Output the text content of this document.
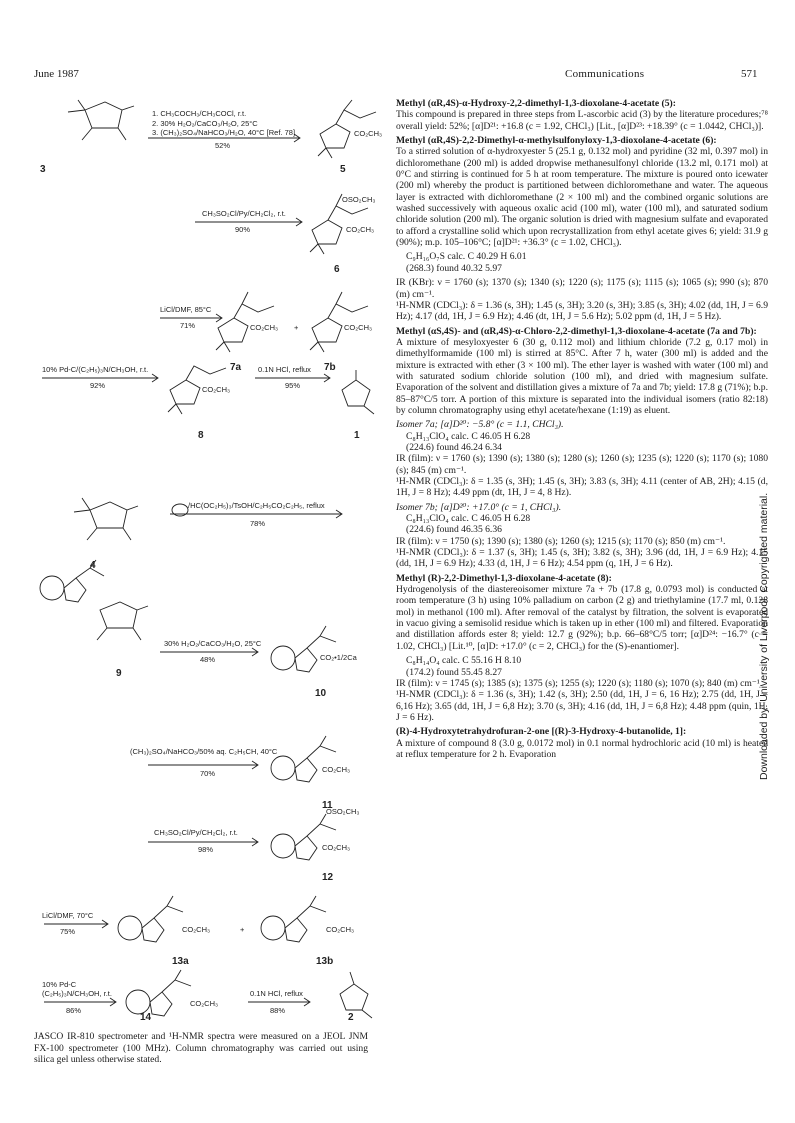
June 1987	Communications	571
Downloaded by: University of Liverpool. Copyrighted material.
1. CH₃COCH₃/CH₃COCl, r.t.
2. 30% H₂O₂/CaCO₃/H₂O, 25°C
3. (CH₃)₂SO₄/NaHCO₃/H₂O, 40°C [Ref. 78]
52%
CO₂CH₃
3	5
CH₃SO₂Cl/Py/CH₂Cl₂, r.t.
90%
OSO₂CH₃
CO₂CH₃
6
LiCl/DMF, 85°C
71%	CO₂CH₃ +	CO₂CH₃
7a	7b
10% Pd-C/(C₂H₅)₃N/CH₃OH, r.t.
92%	CO₂CH₃
0.1N HCl, reflux
95%
8	1
/HC(OC₂H₅)₃/TsOH/C₂H₅CO₂C₂H₅, reflux
78%
4
30% H₂O₂/CaCO₃/H₂O, 25°C
48%	CO₂•1/2Ca
9
10
(CH₃)₂SO₄/NaHCO₃/50% aq. C₂H₅CH, 40°C
70%	CO₂CH₃
11
CH₃SO₂Cl/Py/CH₂Cl₂, r.t.
98%
OSO₂CH₃
CO₂CH₃
12
LiCl/DMF, 70°C
75%	CO₂CH₃	+	CO₂CH₃
13a	13b
10% Pd-C
(C₂H₅)₃N/CH₃OH, r.t.
86%
CO₂CH₃
0.1N HCl, reflux
88%
14	2
JASCO IR-810 spectrometer and ¹H-NMR spectra were measured on a JEOL JNM FX-100 spectrometer (100 MHz). Column chromatography was carried out using silica gel unless otherwise stated.

Methyl (αR,4S)-α-Hydroxy-2,2-dimethyl-1,3-dioxolane-4-acetate (5):

This compound is prepared in three steps from L-ascorbic acid (3) by the literature procedures;⁷⁸ overall yield: 52%; [α]D²¹: +16.8 (c = 1.92, CHCl₃) [Lit., [α]D²³: +18.39° (c = 1.0442, CHCl₃)].

Methyl (αR,4S)-2,2-Dimethyl-α-methylsulfonyloxy-1,3-dioxolane-4-acetate (6):

To a stirred solution of α-hydroxyester 5 (25.1 g, 0.132 mol) and pyridine (32 ml, 0.397 mol) in dichloromethane (200 ml) is added dropwise methanesulfonyl chloride (13.2 ml, 0.171 mol) at 0°C and stirring is continued for 5 h at room temperature. The mixture is poured onto icewater (200 ml) whereby the product is partitioned between dichloromethane and water. The aqueous layer is extracted with dichloromethane (2 × 100 ml) and the combined organic solutions are washed successively with aqueous oxalic acid (100 ml), water (100 ml), and saturated sodium chloride solution (200 ml). The organic solution is dried with magnesium sulfate and evaporated to afford a crystalline solid which upon recrystallization from ethyl acetate gives 6; yield: 31.9 g (90%); m.p. 105–106°C; [α]D²¹: +36.3° (c = 1.02, CHCl₃).

C₉H₁₆O₇S calc. C 40.29 H 6.01

(268.3) found 40.32 5.97

IR (KBr): ν = 1760 (s); 1370 (s); 1340 (s); 1220 (s); 1175 (s); 1115 (s); 1065 (s); 990 (s); 870 (m) cm⁻¹.

¹H-NMR (CDCl₃): δ = 1.36 (s, 3H); 1.45 (s, 3H); 3.20 (s, 3H); 3.85 (s, 3H); 4.02 (dd, 1H, J = 6.9 Hz); 4.17 (dd, 1H, J = 6.9 Hz); 4.46 (dt, 1H, J = 5.6 Hz); 5.02 ppm (d, 1H, J = 5 Hz).

Methyl (αS,4S)- and (αR,4S)-α-Chloro-2,2-dimethyl-1,3-dioxolane-4-acetate (7a and 7b):

A mixture of mesyloxyester 6 (30 g, 0.112 mol) and lithium chloride (7.2 g, 0.17 mol) in dimethylformamide (100 ml) is stirred at 85°C. After 7 h, water (300 ml) is added and the mixture is extracted with ether (3 × 100 ml). The ether layer is washed with water (100 ml) and with saturated sodium chloride solution (100 ml), and dried with magnesium sulfate. Evaporation of the solvent and distillation gives a mixture of 7a and 7b; yield: 17.8 g (71%); b.p. 85–87°C/5 torr. A portion of this mixture is separated into the individual isomers (ratio 82:18) by column chromatography using ethyl acetate/hexane (1:19) as eluent.

Isomer 7a; [α]D²⁰: −5.8° (c = 1.1, CHCl₃).

C₈H₁₃ClO₄ calc. C 46.05 H 6.28

(224.6) found 46.24 6.34

IR (film): ν = 1760 (s); 1390 (s); 1380 (s); 1280 (s); 1260 (s); 1235 (s); 1220 (s); 1170 (s); 1080 (s); 845 (m) cm⁻¹.

¹H-NMR (CDCl₃): δ = 1.35 (s, 3H); 1.45 (s, 3H); 3.83 (s, 3H); 4.11 (center of AB, 2H); 4.15 (d, 1H, J = 8 Hz); 4.49 ppm (dt, 1H, J = 4, 8 Hz).

Isomer 7b; [α]D²⁰: +17.0° (c = 1, CHCl₃).

C₈H₁₃ClO₄ calc. C 46.05 H 6.28

(224.6) found 46.35 6.36

IR (film): ν = 1750 (s); 1390 (s); 1380 (s); 1260 (s); 1215 (s); 1170 (s); 850 (m) cm⁻¹.

¹H-NMR (CDCl₃): δ = 1.37 (s, 3H); 1.45 (s, 3H); 3.82 (s, 3H); 3.96 (dd, 1H, J = 6.9 Hz); 4.15 (dd, 1H, J = 6.9 Hz); 4.33 (d, 1H, J = 6 Hz); 4.54 ppm (q, 1H, J = 6 Hz).

Methyl (R)-2,2-Dimethyl-1,3-dioxolane-4-acetate (8):

Hydrogenolysis of the diastereoisomer mixture 7a + 7b (17.8 g, 0.0793 mol) is conducted at room temperature (3 h) using 10% palladium on carbon (2 g) and triethylamine (17.7 ml, 0.128 mol) in methanol (100 ml). After removal of the catalyst by filtration, the solvent is evaporated in vacuo giving a semisolid residue which is taken up in ether (100 ml) and filtered. Evaporation and distillation affords ester 8; yield: 12.7 g (92%); b.p. 66–68°C/5 torr; [α]D²⁴: −16.7° (c = 1.02, CHCl₃) [Lit.¹⁰, [α]D: +17.0° (c = 2, CHCl₃) for the (S)-enantiomer].

C₈H₁₄O₄ calc. C 55.16 H 8.10

(174.2) found 55.45 8.27

IR (film): ν = 1745 (s); 1385 (s); 1375 (s); 1255 (s); 1220 (s); 1180 (s); 1070 (s); 840 (m) cm⁻¹.

¹H-NMR (CDCl₃): δ = 1.36 (s, 3H); 1.42 (s, 3H); 2.50 (dd, 1H, J = 6, 16 Hz); 2.75 (dd, 1H, J = 6,16 Hz); 3.65 (dd, 1H, J = 6,8 Hz); 3.70 (s, 3H); 4.16 (dd, 1H, J = 6,8 Hz); 4.48 ppm (quin, 1H, J = 6 Hz).

(R)-4-Hydroxytetrahydrofuran-2-one [(R)-3-Hydroxy-4-butanolide, 1]:

A mixture of compound 8 (3.0 g, 0.0172 mol) in 0.1 normal hydrochloric acid (10 ml) is heated at reflux temperature for 2 h. Evaporation
